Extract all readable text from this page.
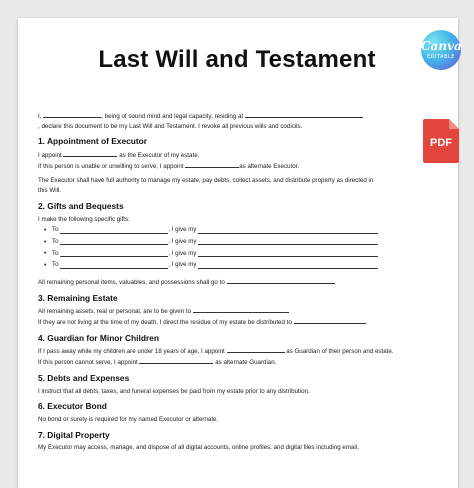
Last Will and Testament	Canva
EDITABLE
PDF
I,	, being of sound mind and legal capacity, residing at
, declare this document to be my Last Will and Testament. I revoke all previous wills and codicils.
1. Appointment of Executor
I appoint	as the Executor of my estate.
If this person is unable or unwilling to serve, I appoint	as alternate Executor.
The Executor shall have full authority to manage my estate, pay debts, collect assets, and distribute property as directed in
this Will.
2. Gifts and Bequests
I make the following specific gifts:
• To
	, I give my

• To
	, I give my

• To
	, I give my

• To
	, I give my

All remaining personal items, valuables, and possessions shall go to
3. Remaining Estate
All remaining assets, real or personal, are to be given to
If they are not living at the time of my death, I direct the residue of my estate be distributed to
4. Guardian for Minor Children
If I pass away while my children are under 18 years of age, I appoint	as Guardian of their person and estate.
If this person cannot serve, I appoint	as alternate Guardian.
5. Debts and Expenses
I instruct that all debts, taxes, and funeral expenses be paid from my estate prior to any distribution.
6. Executor Bond
No bond or surety is required for my named Executor or alternate.
7. Digital Property
My Executor may access, manage, and dispose of all digital accounts, online profiles, and digital files including email,
